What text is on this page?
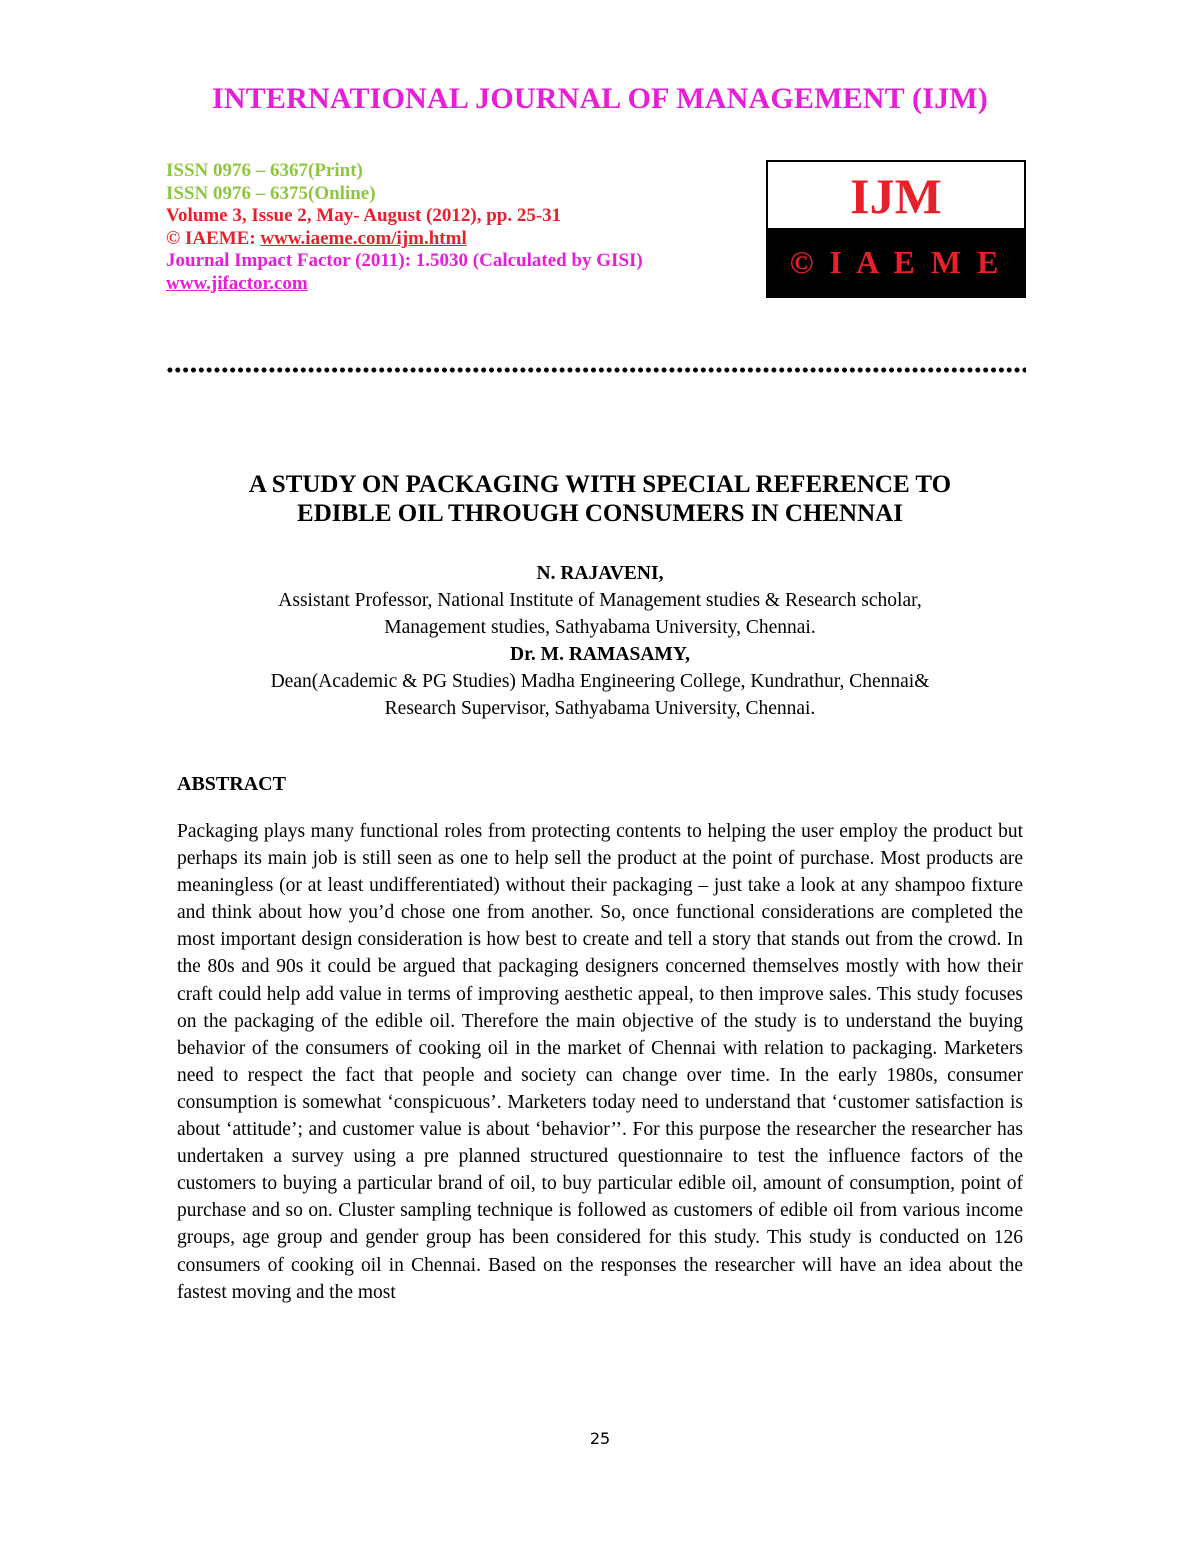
INTERNATIONAL JOURNAL OF MANAGEMENT (IJM)
ISSN 0976 – 6367(Print)
ISSN 0976 – 6375(Online)
Volume 3, Issue 2, May- August (2012), pp. 25-31
© IAEME: www.iaeme.com/ijm.html
Journal Impact Factor (2011): 1.5030 (Calculated by GISI)
www.jifactor.com
IJM
© I A E M E
A STUDY ON PACKAGING WITH SPECIAL REFERENCE TO
EDIBLE OIL THROUGH CONSUMERS IN CHENNAI
N. RAJAVENI,
Assistant Professor, National Institute of Management studies & Research scholar,
Management studies, Sathyabama University, Chennai.
Dr. M. RAMASAMY,
Dean(Academic & PG Studies) Madha Engineering College, Kundrathur, Chennai&
Research Supervisor, Sathyabama University, Chennai.
ABSTRACT
Packaging plays many functional roles from protecting contents to helping the user employ the product but perhaps its main job is still seen as one to help sell the product at the point of purchase. Most products are meaningless (or at least undifferentiated) without their packaging – just take a look at any shampoo fixture and think about how you’d chose one from another. So, once functional considerations are completed the most important design consideration is how best to create and tell a story that stands out from the crowd. In the 80s and 90s it could be argued that packaging designers concerned themselves mostly with how their craft could help add value in terms of improving aesthetic appeal, to then improve sales. This study focuses on the packaging of the edible oil. Therefore the main objective of the study is to understand the buying behavior of the consumers of cooking oil in the market of Chennai with relation to packaging. Marketers need to respect the fact that people and society can change over time. In the early 1980s, consumer consumption is somewhat ‘conspicuous’. Marketers today need to understand that ‘customer satisfaction is about ‘attitude’; and customer value is about ‘behavior’’. For this purpose the researcher the researcher has undertaken a survey using a pre planned structured questionnaire to test the influence factors of the customers to buying a particular brand of oil, to buy particular edible oil, amount of consumption, point of purchase and so on. Cluster sampling technique is followed as customers of edible oil from various income groups, age group and gender group has been considered for this study. This study is conducted on 126 consumers of cooking oil in Chennai. Based on the responses the researcher will have an idea about the fastest moving and the most
25
